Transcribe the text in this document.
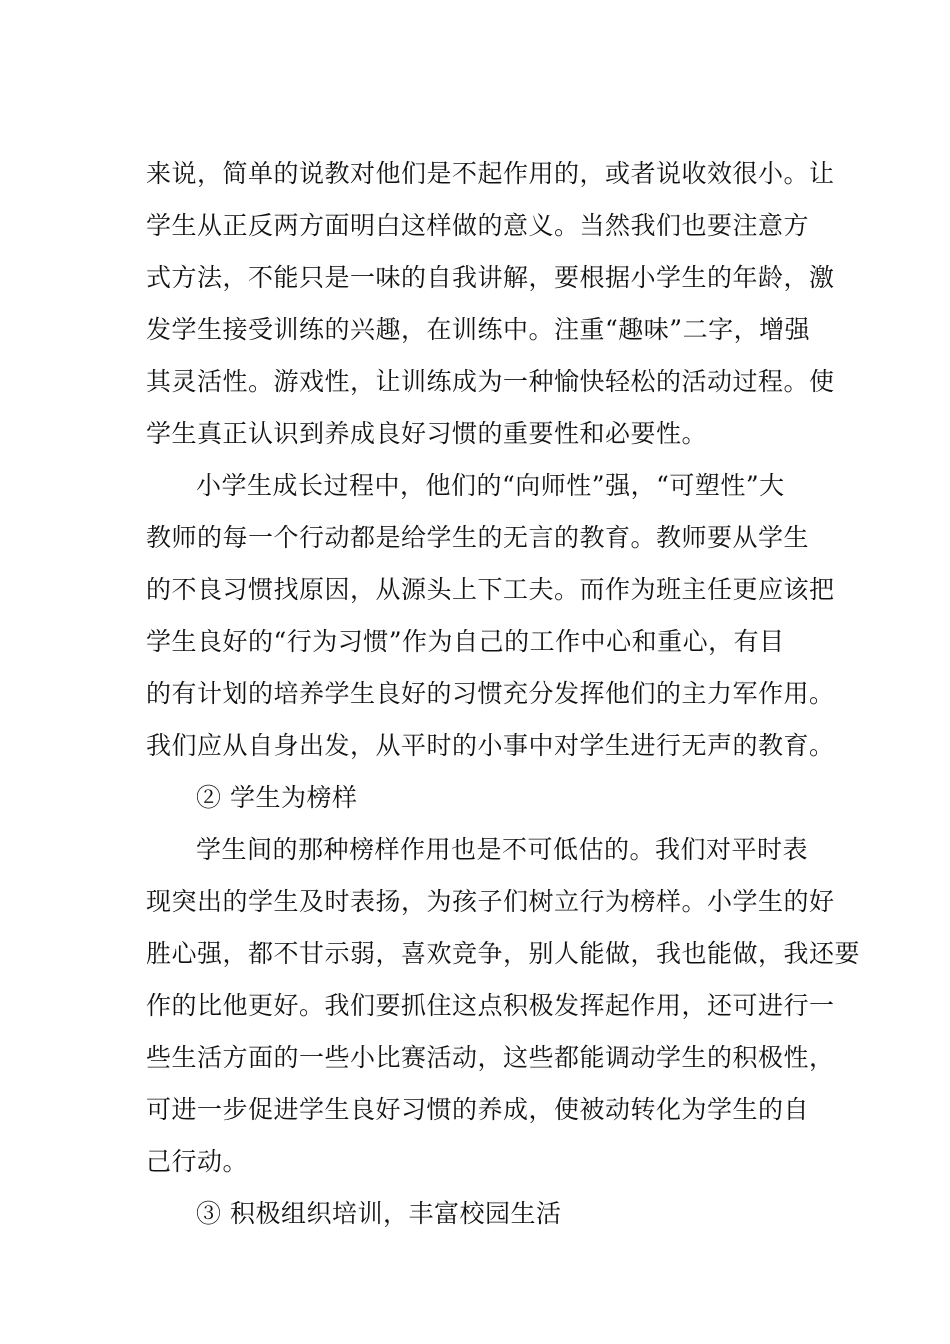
来说，简单的说教对他们是不起作用的，或者说收效很小。让
学生从正反两方面明白这样做的意义。当然我们也要注意方
式方法，不能只是一味的自我讲解，要根据小学生的年龄，激
发学生接受训练的兴趣，在训练中。注重“趣味”二字，增强
其灵活性。游戏性，让训练成为一种愉快轻松的活动过程。使
学生真正认识到养成良好习惯的重要性和必要性。
小学生成长过程中，他们的“向师性”强，“可塑性”大
教师的每一个行动都是给学生的无言的教育。教师要从学生
的不良习惯找原因，从源头上下工夫。而作为班主任更应该把
学生良好的“行为习惯”作为自己的工作中心和重心，有目
的有计划的培养学生良好的习惯充分发挥他们的主力军作用。
我们应从自身出发，从平时的小事中对学生进行无声的教育。
② 学生为榜样
学生间的那种榜样作用也是不可低估的。我们对平时表
现突出的学生及时表扬，为孩子们树立行为榜样。小学生的好
胜心强，都不甘示弱，喜欢竞争，别人能做，我也能做，我还要
作的比他更好。我们要抓住这点积极发挥起作用，还可进行一
些生活方面的一些小比赛活动，这些都能调动学生的积极性，
可进一步促进学生良好习惯的养成，使被动转化为学生的自
己行动。
③ 积极组织培训，丰富校园生活
